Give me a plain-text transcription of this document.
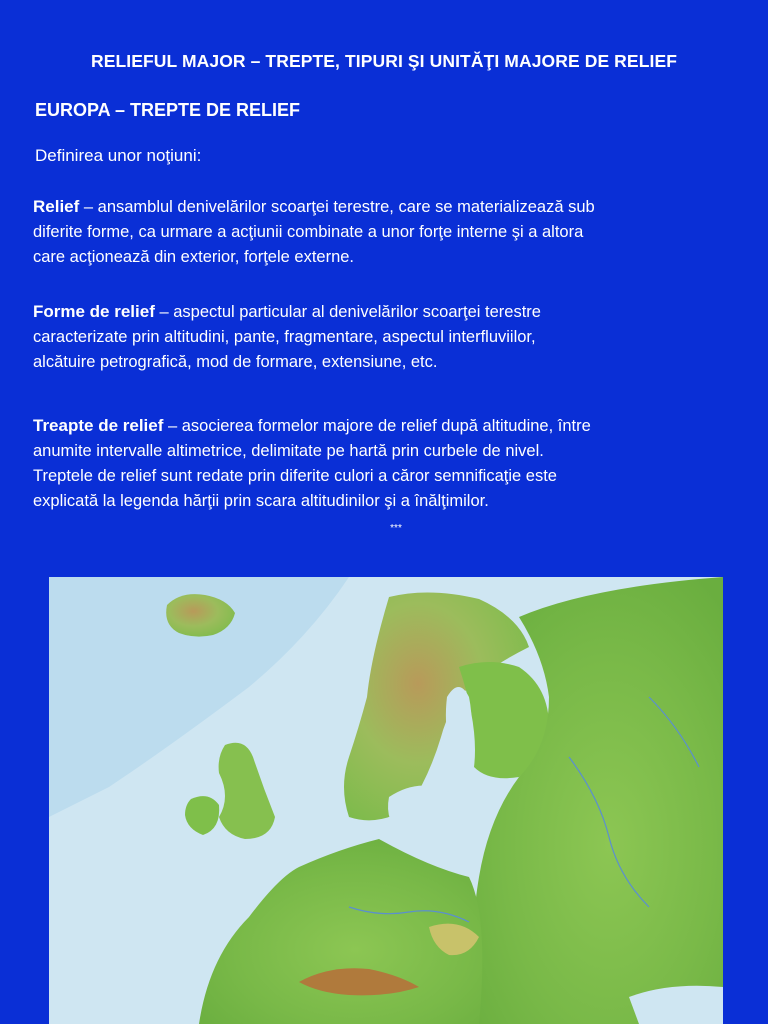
RELIEFUL MAJOR – TREPTE, TIPURI ŞI UNITĂŢI MAJORE DE RELIEF
EUROPA – TREPTE DE RELIEF
Definirea unor noţiuni:
Relief – ansamblul denivelărilor scoarţei terestre, care se materializează sub
diferite forme, ca urmare a acţiunii combinate a unor forţe interne şi a altora
care acţionează din exterior, forţele externe.
Forme de relief – aspectul particular al denivelărilor scoarţei terestre
caracterizate prin altitudini, pante, fragmentare, aspectul interfluviilor,
alcătuire petrografică, mod de formare, extensiune, etc.
Treapte de relief – asocierea formelor majore de relief după altitudine, între
anumite intervalle altimetrice, delimitate pe hartă prin curbele de nivel.
Treptele de relief sunt redate prin diferite culori a căror semnificaţie este
explicată la legenda hărţii prin scara altitudinilor şi a înălţimilor.
***
